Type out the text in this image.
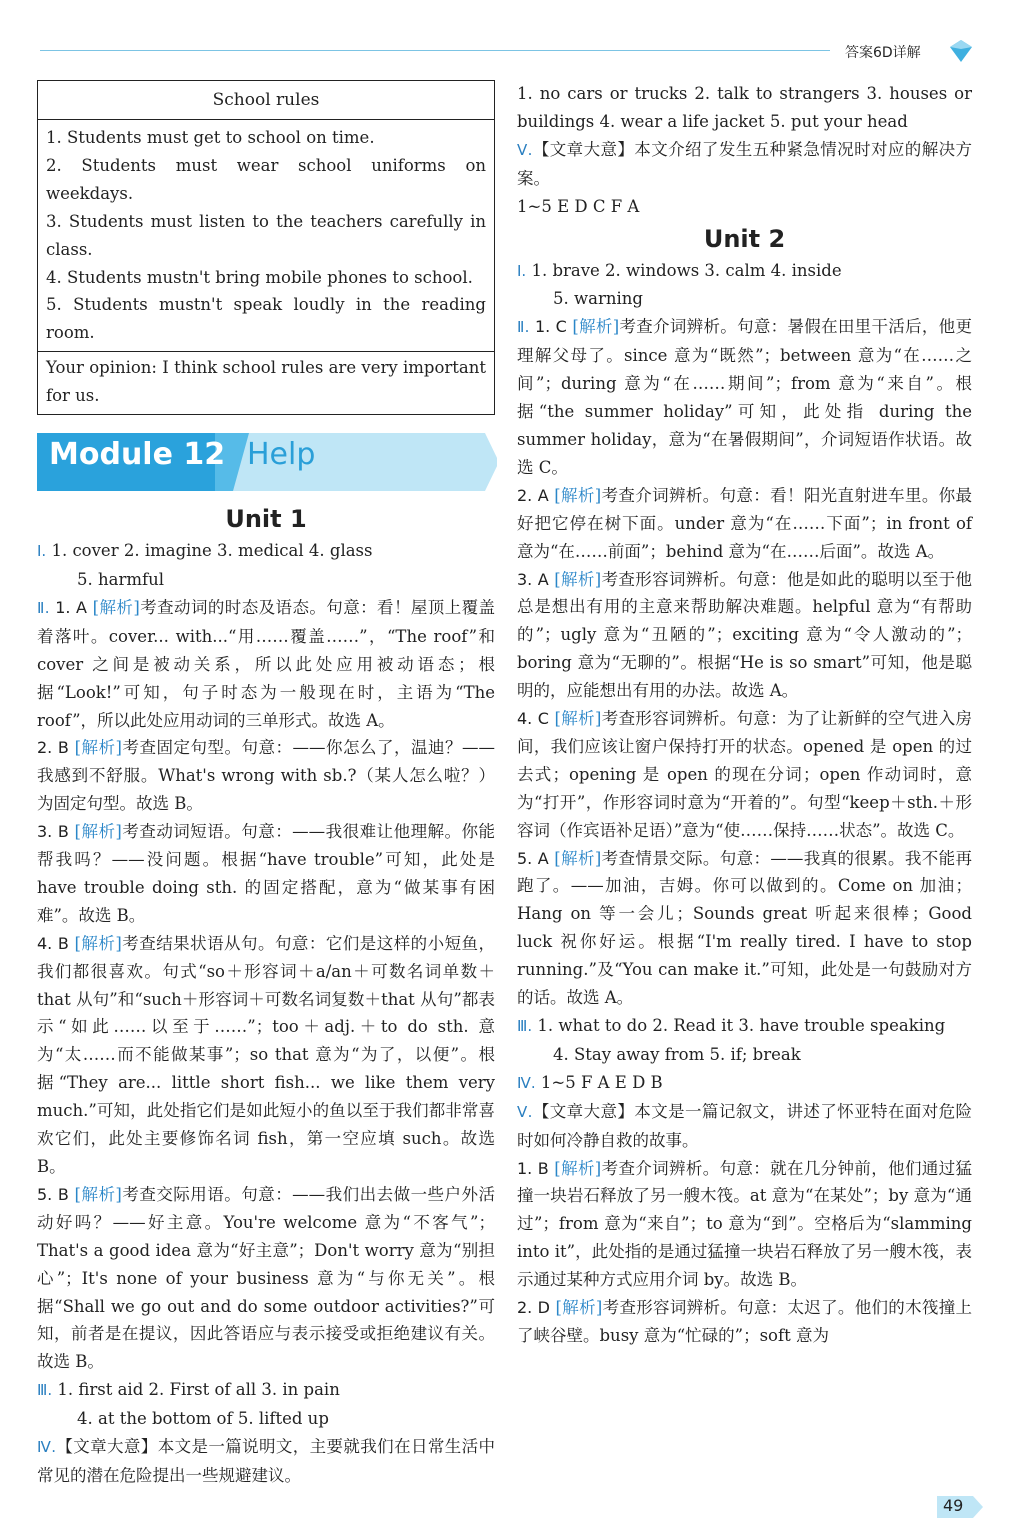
答案6D详解
School rules

1. Students must get to school on time.

2. Students must wear school uniforms on weekdays.

3. Students must listen to the teachers carefully in class.

4. Students mustn't bring mobile phones to school.

5. Students mustn't speak loudly in the reading room.

Your opinion: I think school rules are very important for us.

Module 12 Help
Unit 1

Ⅰ. 1. cover 2. imagine 3. medical 4. glass

5. harmful

Ⅱ. 1. A [解析]考查动词的时态及语态。句意：看！屋顶上覆盖着落叶。cover... with...“用……覆盖……”，“The roof”和 cover 之间是被动关系，所以此处应用被动语态；根据“Look!”可知，句子时态为一般现在时，主语为“The roof”，所以此处应用动词的三单形式。故选 A。

2. B [解析]考查固定句型。句意：——你怎么了，温迪？——我感到不舒服。What's wrong with sb.?（某人怎么啦？）为固定句型。故选 B。

3. B [解析]考查动词短语。句意：——我很难让他理解。你能帮我吗？——没问题。根据“have trouble”可知，此处是 have trouble doing sth. 的固定搭配，意为“做某事有困难”。故选 B。

4. B [解析]考查结果状语从句。句意：它们是这样的小短鱼，我们都很喜欢。句式“so＋形容词＋a/an＋可数名词单数＋that 从句”和“such＋形容词＋可数名词复数＋that 从句”都表示“如此……以至于……”；too＋adj.＋to do sth. 意为“太……而不能做某事”；so that 意为“为了，以便”。根据“They are... little short fish... we like them very much.”可知，此处指它们是如此短小的鱼以至于我们都非常喜欢它们，此处主要修饰名词 fish，第一空应填 such。故选 B。

5. B [解析]考查交际用语。句意：——我们出去做一些户外活动好吗？——好主意。You're welcome 意为“不客气”；That's a good idea 意为“好主意”；Don't worry 意为“别担心”；It's none of your business 意为“与你无关”。根据“Shall we go out and do some outdoor activities?”可知，前者是在提议，因此答语应与表示接受或拒绝建议有关。故选 B。

Ⅲ. 1. first aid 2. First of all 3. in pain

4. at the bottom of 5. lifted up

Ⅳ.【文章大意】本文是一篇说明文，主要就我们在日常生活中常见的潜在危险提出一些规避建议。

1. no cars or trucks 2. talk to strangers 3. houses or buildings 4. wear a life jacket 5. put your head

Ⅴ.【文章大意】本文介绍了发生五种紧急情况时对应的解决方案。

1~5 E D C F A

Unit 2

Ⅰ. 1. brave 2. windows 3. calm 4. inside

5. warning

Ⅱ. 1. C [解析]考查介词辨析。句意：暑假在田里干活后，他更理解父母了。since 意为“既然”；between 意为“在……之间”；during 意为“在……期间”；from 意为“来自”。根据“the summer holiday”可知，此处指 during the summer holiday，意为“在暑假期间”，介词短语作状语。故选 C。

2. A [解析]考查介词辨析。句意：看！阳光直射进车里。你最好把它停在树下面。under 意为“在……下面”；in front of 意为“在……前面”；behind 意为“在……后面”。故选 A。

3. A [解析]考查形容词辨析。句意：他是如此的聪明以至于他总是想出有用的主意来帮助解决难题。helpful 意为“有帮助的”；ugly 意为“丑陋的”；exciting 意为“令人激动的”；boring 意为“无聊的”。根据“He is so smart”可知，他是聪明的，应能想出有用的办法。故选 A。

4. C [解析]考查形容词辨析。句意：为了让新鲜的空气进入房间，我们应该让窗户保持打开的状态。opened 是 open 的过去式；opening 是 open 的现在分词；open 作动词时，意为“打开”，作形容词时意为“开着的”。句型“keep＋sth.＋形容词（作宾语补足语）”意为“使……保持……状态”。故选 C。

5. A [解析]考查情景交际。句意：——我真的很累。我不能再跑了。——加油，吉姆。你可以做到的。Come on 加油；Hang on 等一会儿；Sounds great 听起来很棒；Good luck 祝你好运。根据“I'm really tired. I have to stop running.”及“You can make it.”可知，此处是一句鼓励对方的话。故选 A。

Ⅲ. 1. what to do 2. Read it 3. have trouble speaking

4. Stay away from 5. if; break

Ⅳ. 1~5 F A E D B

Ⅴ.【文章大意】本文是一篇记叙文，讲述了怀亚特在面对危险时如何冷静自救的故事。

1. B [解析]考查介词辨析。句意：就在几分钟前，他们通过猛撞一块岩石释放了另一艘木筏。at 意为“在某处”；by 意为“通过”；from 意为“来自”；to 意为“到”。空格后为“slamming into it”，此处指的是通过猛撞一块岩石释放了另一艘木筏，表示通过某种方式应用介词 by。故选 B。

2. D [解析]考查形容词辨析。句意：太迟了。他们的木筏撞上了峡谷壁。busy 意为“忙碌的”；soft 意为

49
